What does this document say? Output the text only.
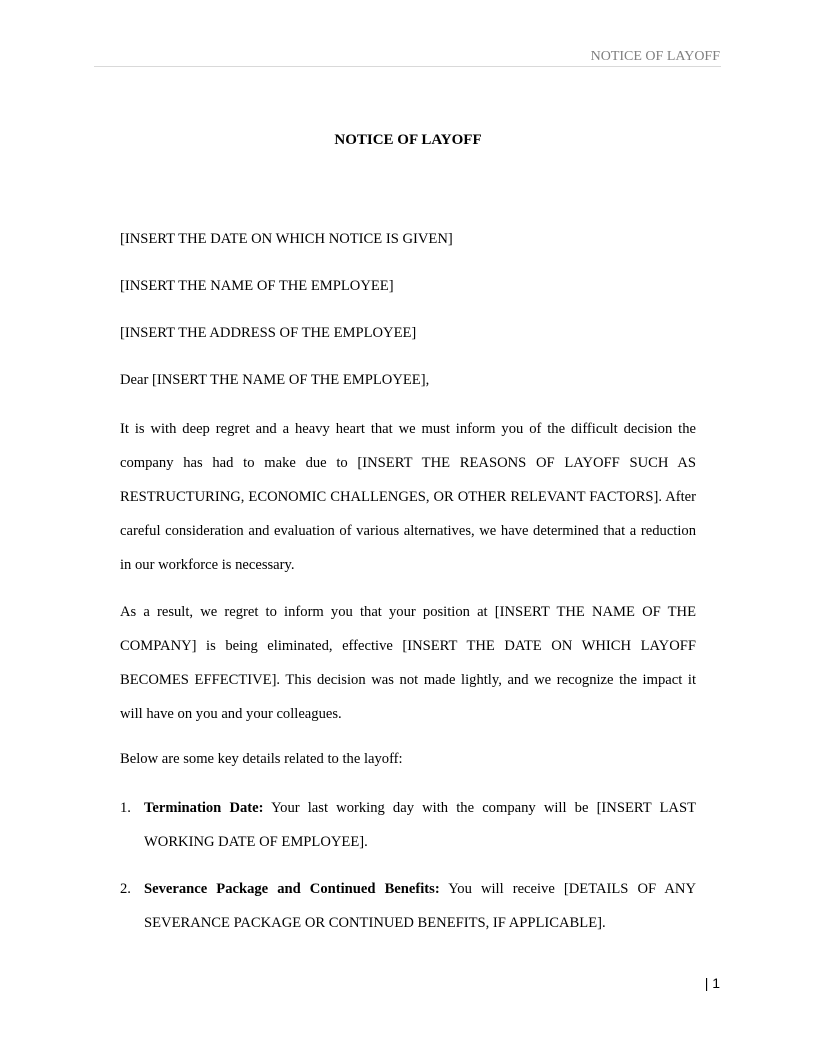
NOTICE OF LAYOFF
NOTICE OF LAYOFF

[INSERT THE DATE ON WHICH NOTICE IS GIVEN]

[INSERT THE NAME OF THE EMPLOYEE]

[INSERT THE ADDRESS OF THE EMPLOYEE]

Dear [INSERT THE NAME OF THE EMPLOYEE],

It is with deep regret and a heavy heart that we must inform you of the difficult decision the company has had to make due to [INSERT THE REASONS OF LAYOFF SUCH AS RESTRUCTURING, ECONOMIC CHALLENGES, OR OTHER RELEVANT FACTORS]. After careful consideration and evaluation of various alternatives, we have determined that a reduction in our workforce is necessary.

As a result, we regret to inform you that your position at [INSERT THE NAME OF THE COMPANY] is being eliminated, effective [INSERT THE DATE ON WHICH LAYOFF BECOMES EFFECTIVE]. This decision was not made lightly, and we recognize the impact it will have on you and your colleagues.

Below are some key details related to the layoff:

1. Termination Date: Your last working day with the company will be [INSERT LAST WORKING DATE OF EMPLOYEE].
2. Severance Package and Continued Benefits: You will receive [DETAILS OF ANY SEVERANCE PACKAGE OR CONTINUED BENEFITS, IF APPLICABLE].
| 1
